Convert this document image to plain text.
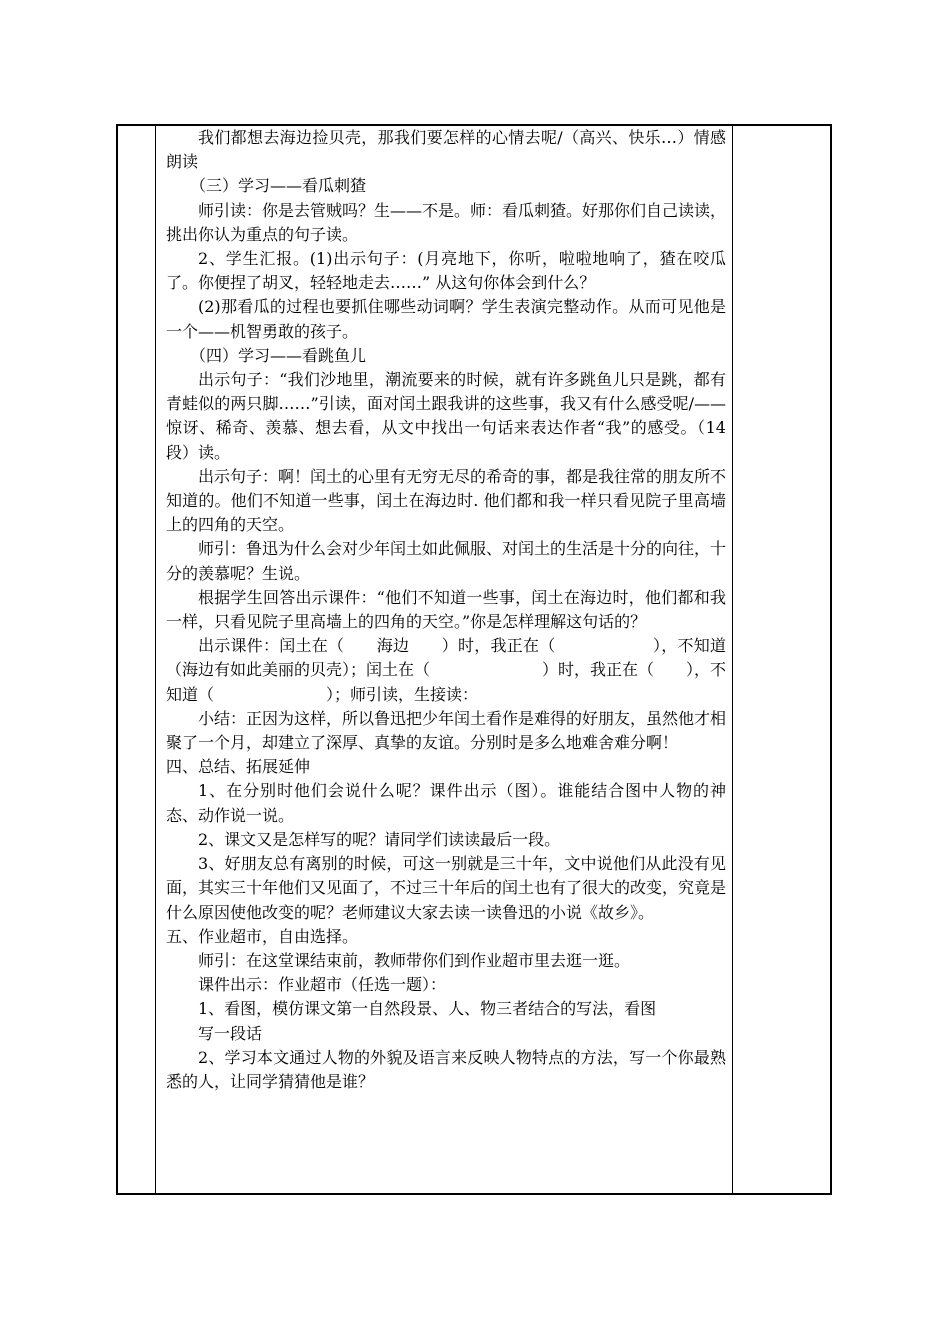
我们都想去海边捡贝壳，那我们要怎样的心情去呢/（高兴、快乐…）情感朗读

（三）学习——看瓜刺猹

师引读：你是去管贼吗？生——不是。师：看瓜刺猹。好那你们自己读读，挑出你认为重点的句子读。

2、学生汇报。(1)出示句子：(月亮地下，你听，啦啦地响了，猹在咬瓜了。你便捏了胡叉，轻轻地走去……” 从这句你体会到什么？

(2)那看瓜的过程也要抓住哪些动词啊？学生表演完整动作。从而可见他是一个——机智勇敢的孩子。

（四）学习——看跳鱼儿

出示句子：“我们沙地里，潮流要来的时候，就有许多跳鱼儿只是跳，都有青蛙似的两只脚……”引读，面对闰土跟我讲的这些事，我又有什么感受呢/——惊讶、稀奇、羡慕、想去看，从文中找出一句话来表达作者“我”的感受。（14段）读。

出示句子：啊！闰土的心里有无穷无尽的希奇的事，都是我往常的朋友所不知道的。他们不知道一些事，闰土在海边时. 他们都和我一样只看见院子里高墙上的四角的天空。

师引：鲁迅为什么会对少年闰土如此佩服、对闰土的生活是十分的向往，十分的羡慕呢？生说。

根据学生回答出示课件：“他们不知道一些事，闰土在海边时，他们都和我一样，只看见院子里高墙上的四角的天空。”你是怎样理解这句话的？

出示课件：闰土在（　　海边　　）时，我正在（　　　　　　），不知道（海边有如此美丽的贝壳）；闰土在（　　　　　　　）时，我正在（　　），不知道（　　　　　　　）；师引读，生接读：

小结：正因为这样，所以鲁迅把少年闰土看作是难得的好朋友，虽然他才相聚了一个月，却建立了深厚、真挚的友谊。分别时是多么地难舍难分啊！

四、总结、拓展延伸

1、在分别时他们会说什么呢？课件出示（图）。谁能结合图中人物的神态、动作说一说。

2、课文又是怎样写的呢？请同学们读读最后一段。

3、好朋友总有离别的时候，可这一别就是三十年，文中说他们从此没有见面，其实三十年他们又见面了，不过三十年后的闰土也有了很大的改变，究竟是什么原因使他改变的呢？老师建议大家去读一读鲁迅的小说《故乡》。

五、作业超市，自由选择。

师引：在这堂课结束前，教师带你们到作业超市里去逛一逛。

课件出示：作业超市（任选一题）：

1、看图，模仿课文第一自然段景、人、物三者结合的写法，看图

写一段话

2、学习本文通过人物的外貌及语言来反映人物特点的方法，写一个你最熟悉的人，让同学猜猜他是谁？
